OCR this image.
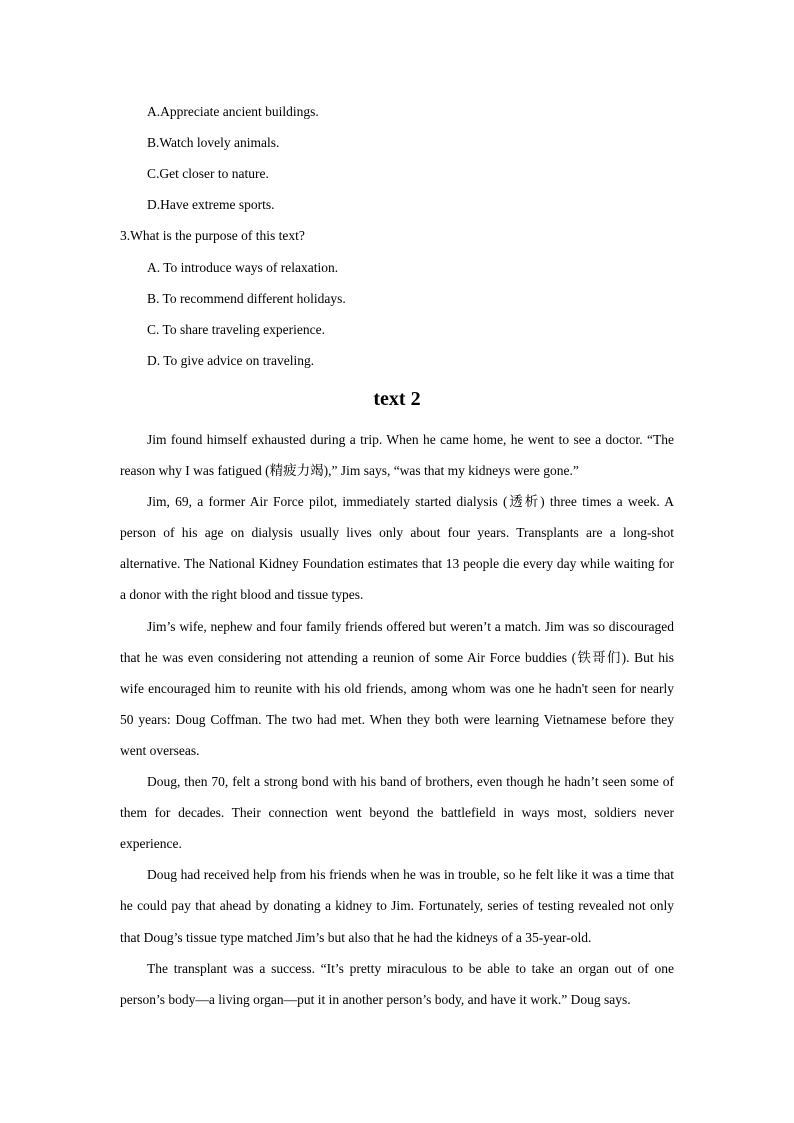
A.Appreciate ancient buildings.
B.Watch lovely animals.
C.Get closer to nature.
D.Have extreme sports.
3.What is the purpose of this text?
A. To introduce ways of relaxation.
B. To recommend different holidays.
C. To share traveling experience.
D. To give advice on traveling.
text 2

Jim found himself exhausted during a trip. When he came home, he went to see a doctor. “The reason why I was fatigued (精疲力竭),” Jim says, “was that my kidneys were gone.”

Jim, 69, a former Air Force pilot, immediately started dialysis (透析) three times a week. A person of his age on dialysis usually lives only about four years. Transplants are a long-shot alternative. The National Kidney Foundation estimates that 13 people die every day while waiting for a donor with the right blood and tissue types.

Jim’s wife, nephew and four family friends offered but weren’t a match. Jim was so discouraged that he was even considering not attending a reunion of some Air Force buddies (铁哥们). But his wife encouraged him to reunite with his old friends, among whom was one he hadn't seen for nearly 50 years: Doug Coffman. The two had met. When they both were learning Vietnamese before they went overseas.

Doug, then 70, felt a strong bond with his band of brothers, even though he hadn’t seen some of them for decades. Their connection went beyond the battlefield in ways most, soldiers never experience.

Doug had received help from his friends when he was in trouble, so he felt like it was a time that he could pay that ahead by donating a kidney to Jim. Fortunately, series of testing revealed not only that Doug’s tissue type matched Jim’s but also that he had the kidneys of a 35-year-old.

The transplant was a success. “It’s pretty miraculous to be able to take an organ out of one person’s body—a living organ—put it in another person’s body, and have it work.” Doug says.
